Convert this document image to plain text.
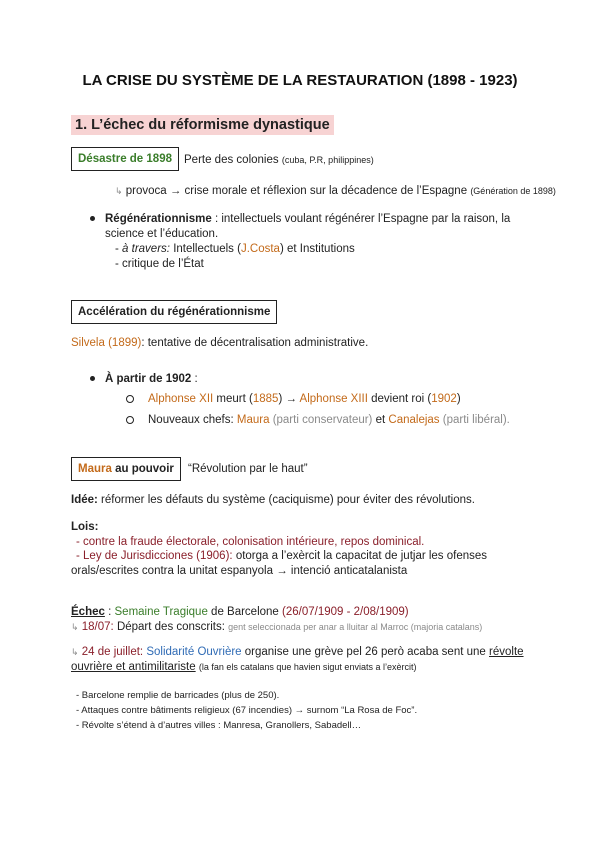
LA CRISE DU SYSTÈME DE LA RESTAURATION (1898 - 1923)
1. L’échec du réformisme dynastique
Désastre de 1898	Perte des colonies (cuba, P.R, philippines)
↳ provoca → crise morale et réflexion sur la décadence de l’Espagne (Génération de 1898)
Régénérationnisme : intellectuels voulant régénérer l’Espagne par la raison, la
science et l’éducation.
- à travers: Intellectuels (J.Costa) et Institutions
- critique de l’État
Accélération du régénérationnisme
Silvela (1899): tentative de décentralisation administrative.
À partir de 1902 :
Alphonse XII meurt (1885) → Alphonse XIII devient roi (1902)
Nouveaux chefs: Maura (parti conservateur) et Canalejas (parti libéral).
Maura au pouvoir	“Révolution par le haut”
Idée: réformer les défauts du système (caciquisme) pour éviter des révolutions.
Lois:
- contre la fraude électorale, colonisation intérieure, repos dominical.
- Ley de Jurisdicciones (1906): otorga a l’exèrcit la capacitat de jutjar les ofenses
orals/escrites contra la unitat espanyola → intenció anticatalanista
Échec : Semaine Tragique de Barcelone (26/07/1909 - 2/08/1909)
↳ 18/07: Départ des conscrits: gent seleccionada per anar a lluitar al Marroc (majoria catalans)
↳ 24 de juillet: Solidarité Ouvrière organise une grève pel 26 però acaba sent une révolte
ouvrière et antimilitariste (la fan els catalans que havien sigut enviats a l’exèrcit)
- Barcelone remplie de barricades (plus de 250).
- Attaques contre bâtiments religieux (67 incendies) → surnom “La Rosa de Foc”.
- Révolte s’étend à d’autres villes : Manresa, Granollers, Sabadell…
